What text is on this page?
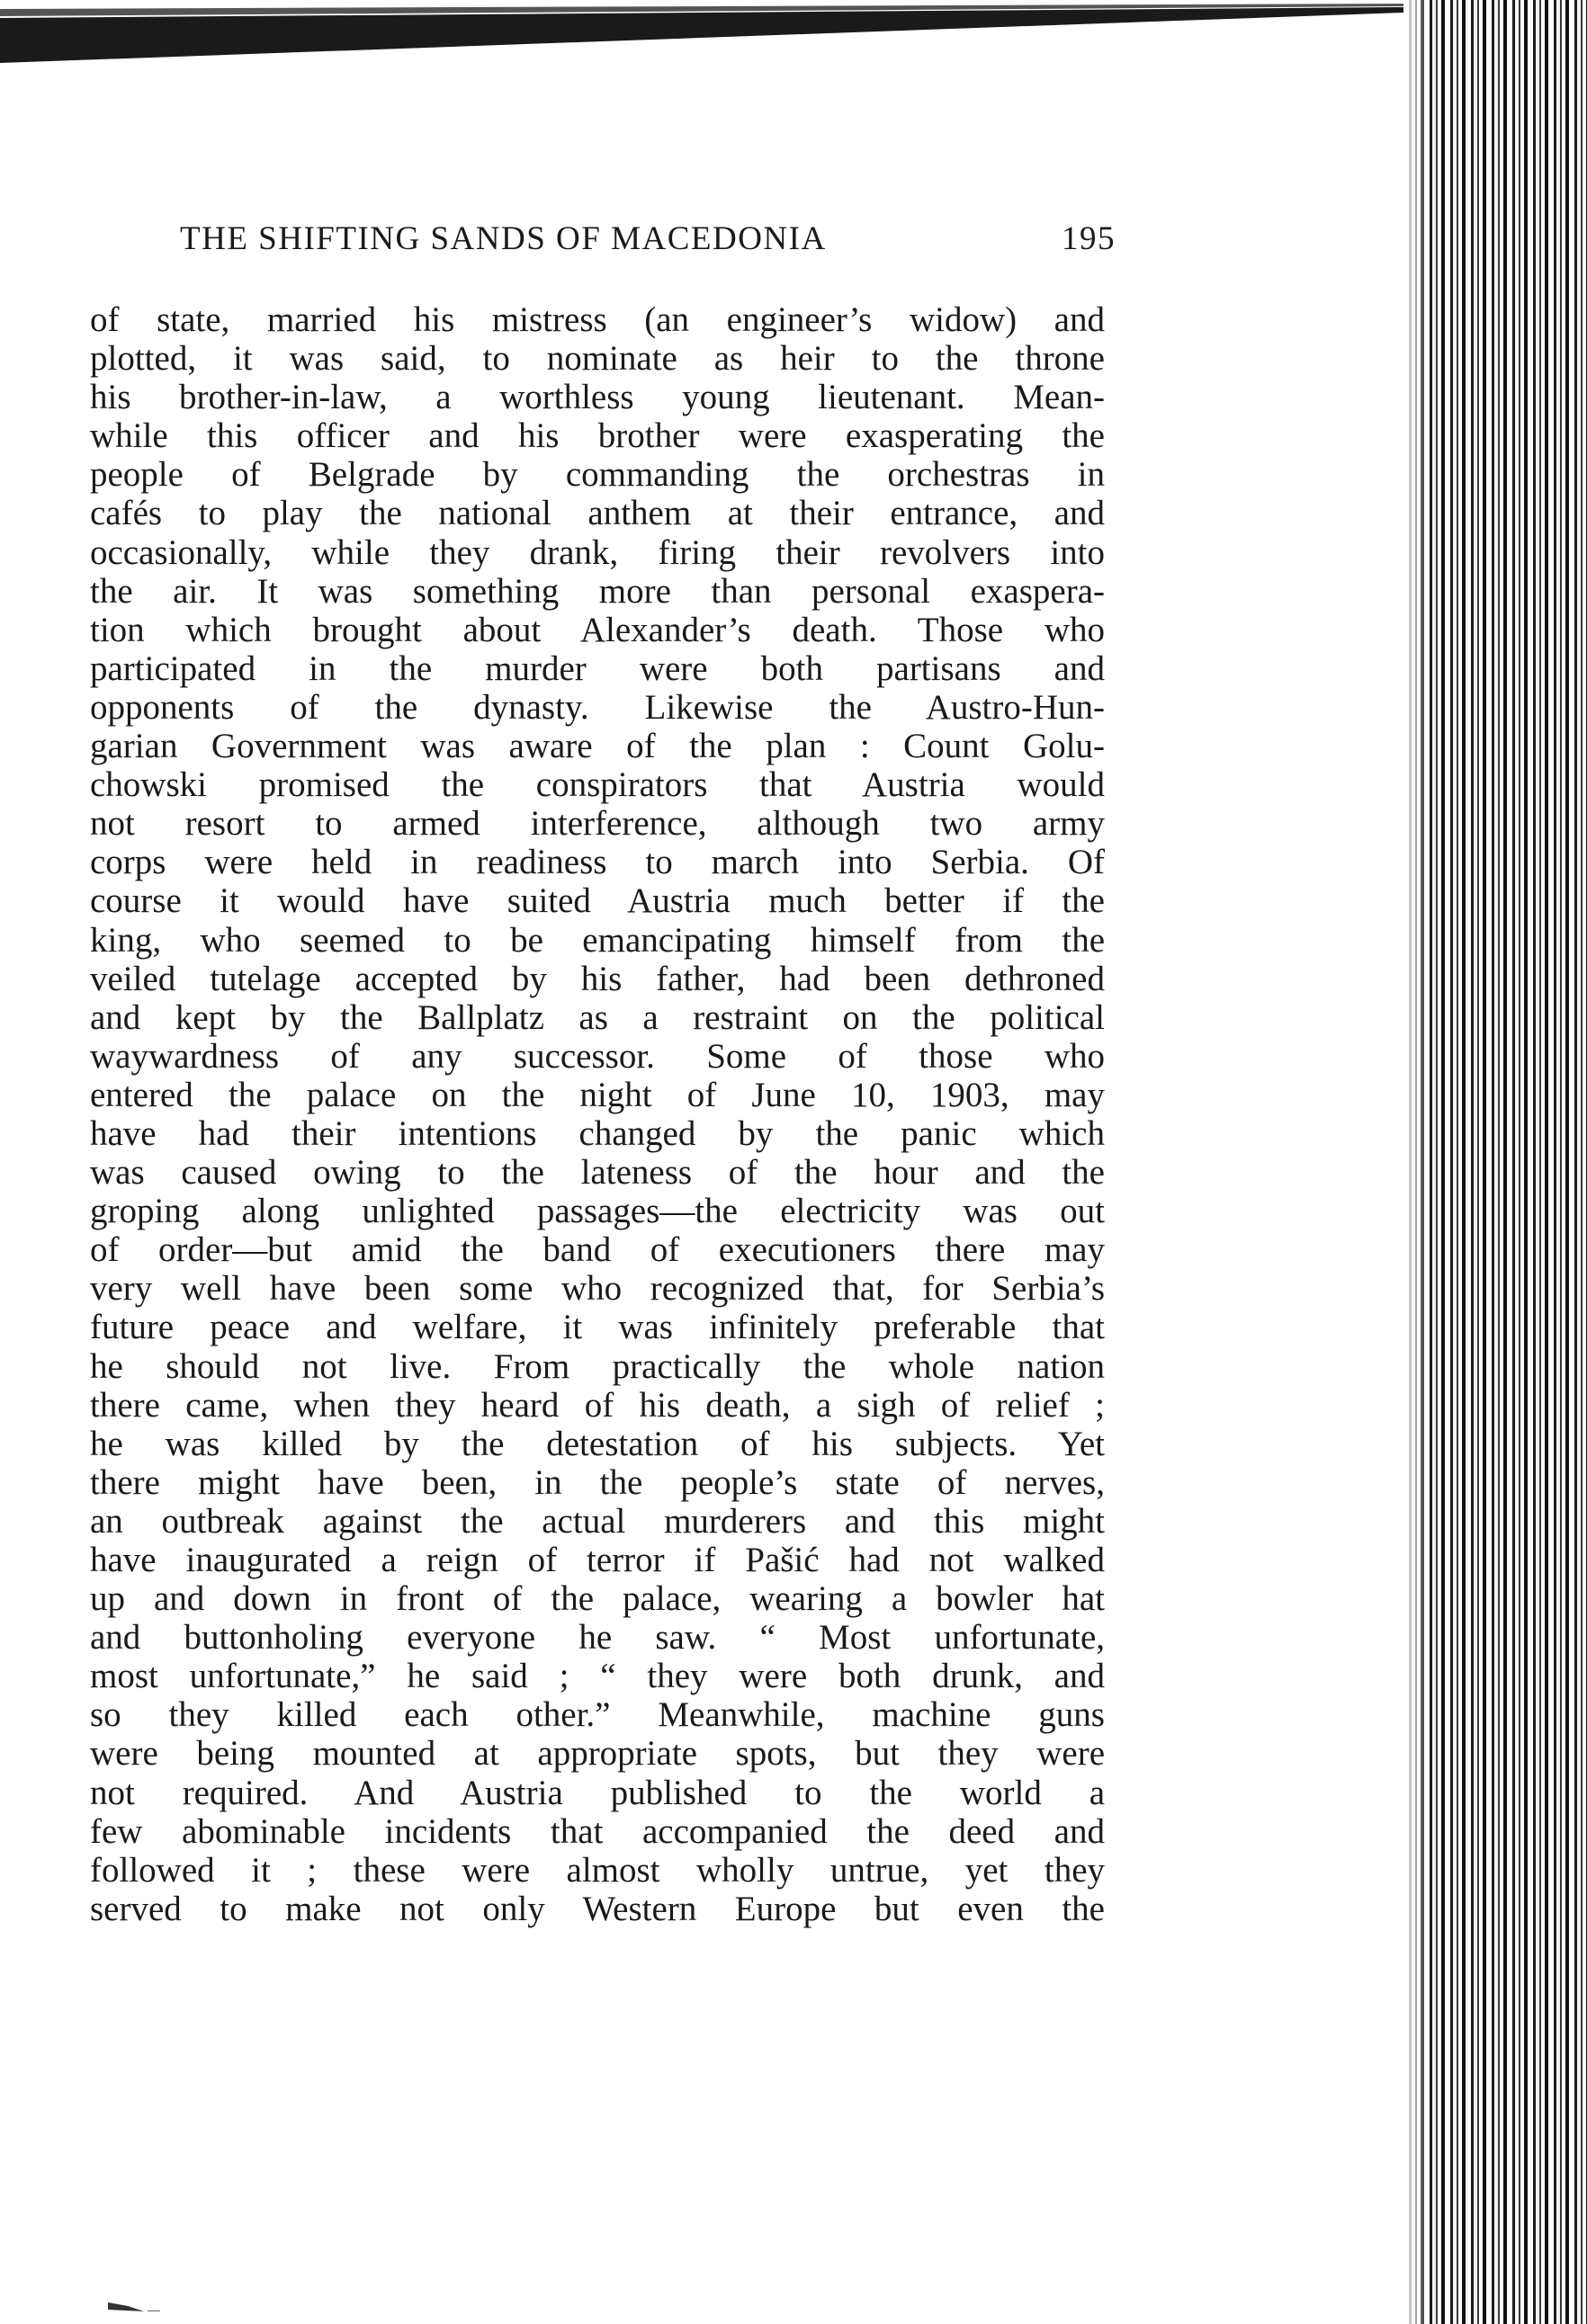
THE SHIFTING SANDS OF MACEDONIA	195
of state, married his mistress (an engineer’s widow) and
plotted, it was said, to nominate as heir to the throne
his brother-in-law, a worthless young lieutenant. Mean-
while this officer and his brother were exasperating the
people of Belgrade by commanding the orchestras in
cafés to play the national anthem at their entrance, and
occasionally, while they drank, firing their revolvers into
the air. It was something more than personal exaspera-
tion which brought about Alexander’s death. Those who
participated in the murder were both partisans and
opponents of the dynasty. Likewise the Austro-Hun-
garian Government was aware of the plan : Count Golu-
chowski promised the conspirators that Austria would
not resort to armed interference, although two army
corps were held in readiness to march into Serbia. Of
course it would have suited Austria much better if the
king, who seemed to be emancipating himself from the
veiled tutelage accepted by his father, had been dethroned
and kept by the Ballplatz as a restraint on the political
waywardness of any successor. Some of those who
entered the palace on the night of June 10, 1903, may
have had their intentions changed by the panic which
was caused owing to the lateness of the hour and the
groping along unlighted passages—the electricity was out
of order—but amid the band of executioners there may
very well have been some who recognized that, for Serbia’s
future peace and welfare, it was infinitely preferable that
he should not live. From practically the whole nation
there came, when they heard of his death, a sigh of relief ;
he was killed by the detestation of his subjects. Yet
there might have been, in the people’s state of nerves,
an outbreak against the actual murderers and this might
have inaugurated a reign of terror if Pašić had not walked
up and down in front of the palace, wearing a bowler hat
and buttonholing everyone he saw. “ Most unfortunate,
most unfortunate,” he said ; “ they were both drunk, and
so they killed each other.” Meanwhile, machine guns
were being mounted at appropriate spots, but they were
not required. And Austria published to the world a
few abominable incidents that accompanied the deed and
followed it ; these were almost wholly untrue, yet they
served to make not only Western Europe but even the
